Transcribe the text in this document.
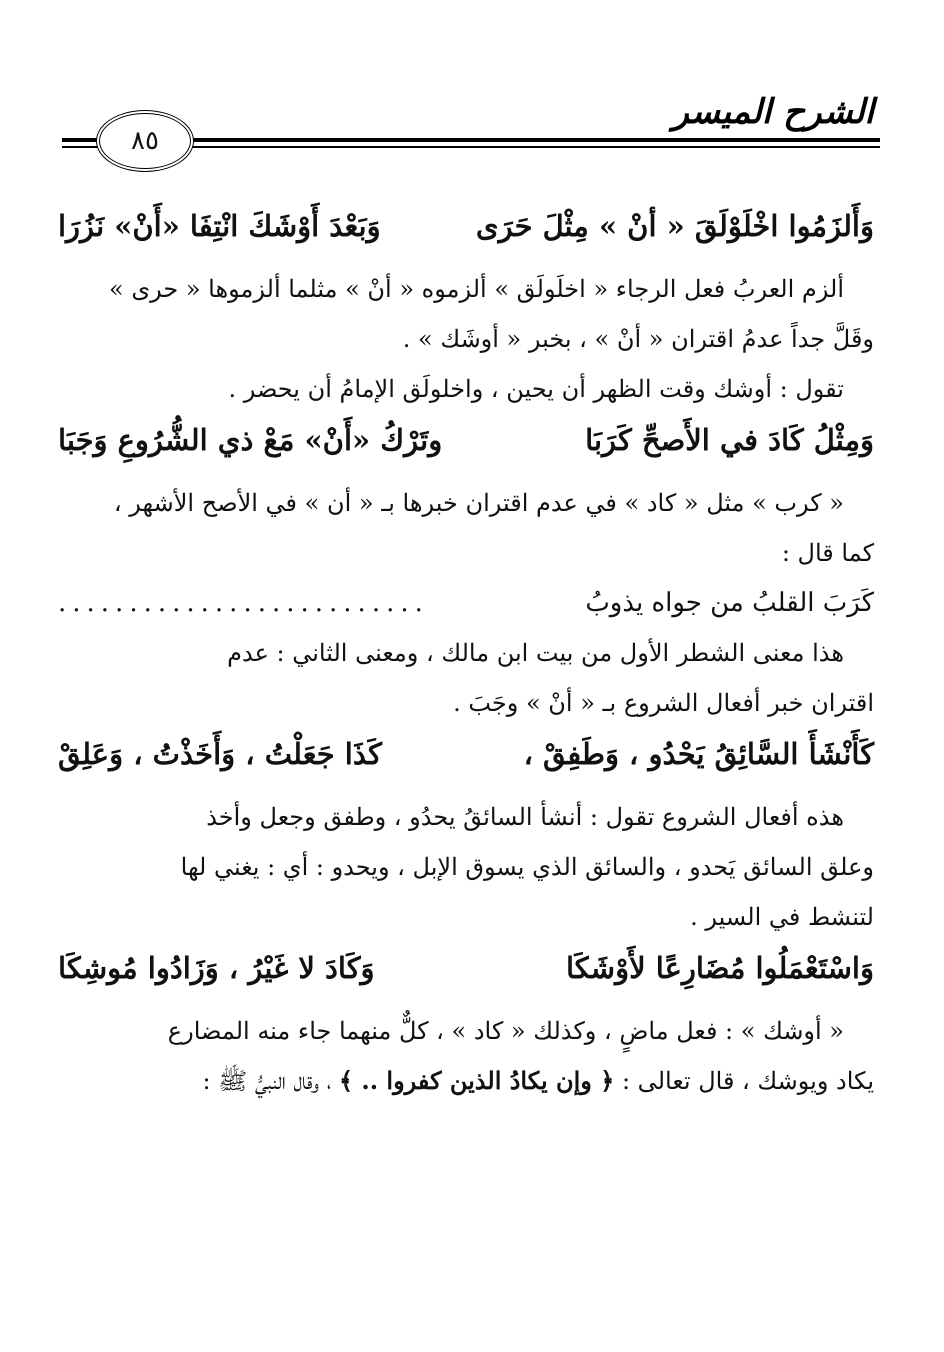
الشرح الميسر
٨٥
وَأَلزَمُوا اخْلَوْلَقَ « أنْ » مِثْلَ حَرَى
وَبَعْدَ أَوْشَكَ انْتِفَا «أَنْ» نَزُرَا

ألزم العربُ فعل الرجاء « اخلَولَق » ألزموه « أنْ » مثلما ألزموها « حرى »

وقَلَّ جداً عدمُ اقتران « أنْ » ، بخبر « أوشَك » .

تقول : أوشك وقت الظهر أن يحين ، واخلولَق الإمامُ أن يحضر .

وَمِثْلُ كَادَ في الأَصحِّ كَرَبَا
وتَرْكُ «أَنْ» مَعْ ذي الشُّرُوعِ وَجَبَا

« كرب » مثل « كاد » في عدم اقتران خبرها بـ « أن » في الأصح الأشهر ،

كما قال :

كَرَبَ القلبُ من جواه يذوبُ
..........................

هذا معنى الشطر الأول من بيت ابن مالك ، ومعنى الثاني : عدم

اقتران خبر أفعال الشروع بـ « أنْ » وجَبَ .

كَأَنْشَأَ السَّائِقُ يَحْدُو ، وَطَفِقْ ،
كَذَا جَعَلْتُ ، وَأَخَذْتُ ، وَعَلِقْ

هذه أفعال الشروع تقول : أنشأ السائقُ يحدُو ، وطفق وجعل وأخذ

وعلق السائق يَحدو ، والسائق الذي يسوق الإبل ، ويحدو : أي : يغني لها

لتنشط في السير .

وَاسْتَعْمَلُوا مُضَارِعًا لأَوْشَكَا
وَكَادَ لا غَيْرُ ، وَزَادُوا مُوشِكَا

« أوشك » : فعل ماضٍ ، وكذلك « كاد » ، كلٌّ منهما جاء منه المضارع

يكاد ويوشك ، قال تعالى : ﴿ وإن يكادُ الذين كفروا .. ﴾ ، وقال النبيُّ ﷺ :
